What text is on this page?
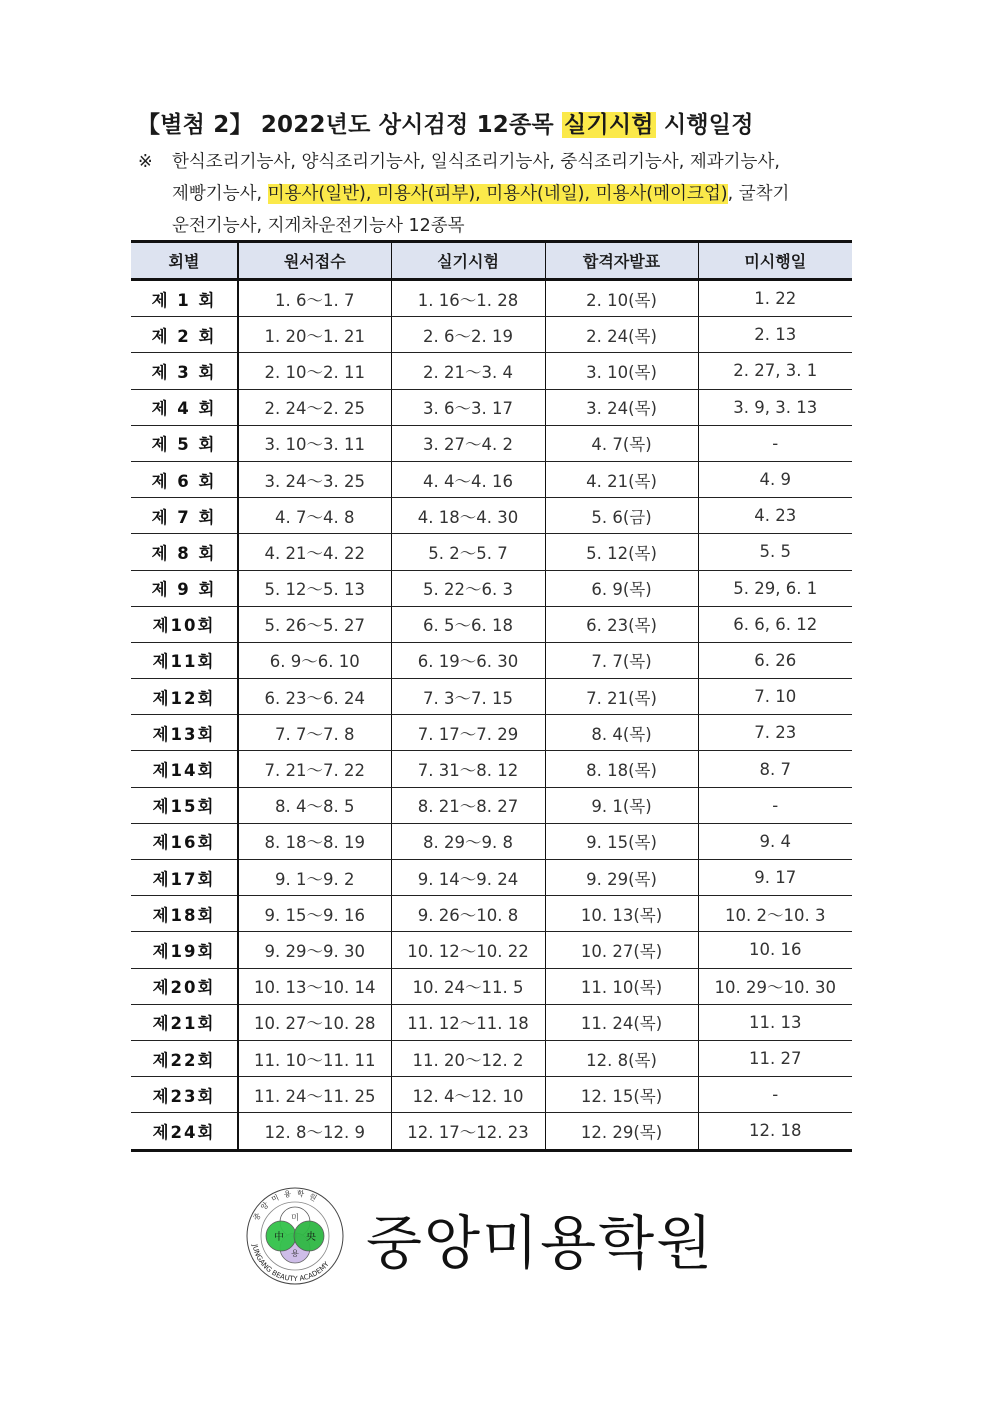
【별첨 2】 2022년도 상시검정 12종목 실기시험 시행일정
※ 한식조리기능사, 양식조리기능사, 일식조리기능사, 중식조리기능사, 제과기능사,
제빵기능사, 미용사(일반), 미용사(피부), 미용사(네일), 미용사(메이크업), 굴착기
운전기능사, 지게차운전기능사 12종목
회별	원서접수	실기시험	합격자발표	미시행일
제 1 회	1. 6～1. 7	1. 16～1. 28	2. 10(목)	1. 22
제 2 회	1. 20～1. 21	2. 6～2. 19	2. 24(목)	2. 13
제 3 회	2. 10～2. 11	2. 21～3. 4	3. 10(목)	2. 27, 3. 1
제 4 회	2. 24～2. 25	3. 6～3. 17	3. 24(목)	3. 9, 3. 13
제 5 회	3. 10～3. 11	3. 27～4. 2	4. 7(목)	-
제 6 회	3. 24～3. 25	4. 4～4. 16	4. 21(목)	4. 9
제 7 회	4. 7～4. 8	4. 18～4. 30	5. 6(금)	4. 23
제 8 회	4. 21～4. 22	5. 2～5. 7	5. 12(목)	5. 5
제 9 회	5. 12～5. 13	5. 22～6. 3	6. 9(목)	5. 29, 6. 1
제10회	5. 26～5. 27	6. 5～6. 18	6. 23(목)	6. 6, 6. 12
제11회	6. 9～6. 10	6. 19～6. 30	7. 7(목)	6. 26
제12회	6. 23～6. 24	7. 3～7. 15	7. 21(목)	7. 10
제13회	7. 7～7. 8	7. 17～7. 29	8. 4(목)	7. 23
제14회	7. 21～7. 22	7. 31～8. 12	8. 18(목)	8. 7
제15회	8. 4～8. 5	8. 21～8. 27	9. 1(목)	-
제16회	8. 18～8. 19	8. 29～9. 8	9. 15(목)	9. 4
제17회	9. 1～9. 2	9. 14～9. 24	9. 29(목)	9. 17
제18회	9. 15～9. 16	9. 26～10. 8	10. 13(목)	10. 2～10. 3
제19회	9. 29～9. 30	10. 12～10. 22	10. 27(목)	10. 16
제20회	10. 13～10. 14	10. 24～11. 5	11. 10(목)	10. 29～10. 30
제21회	10. 27～10. 28	11. 12～11. 18	11. 24(목)	11. 13
제22회	11. 10～11. 11	11. 20～12. 2	12. 8(목)	11. 27
제23회	11. 24～11. 25	12. 4～12. 10	12. 15(목)	-
제24회	12. 8～12. 9	12. 17～12. 23	12. 29(목)	12. 18
중앙미용학원
JUNGANG BEAUTY ACADEMY
미
中 央
용 중앙미용학원
